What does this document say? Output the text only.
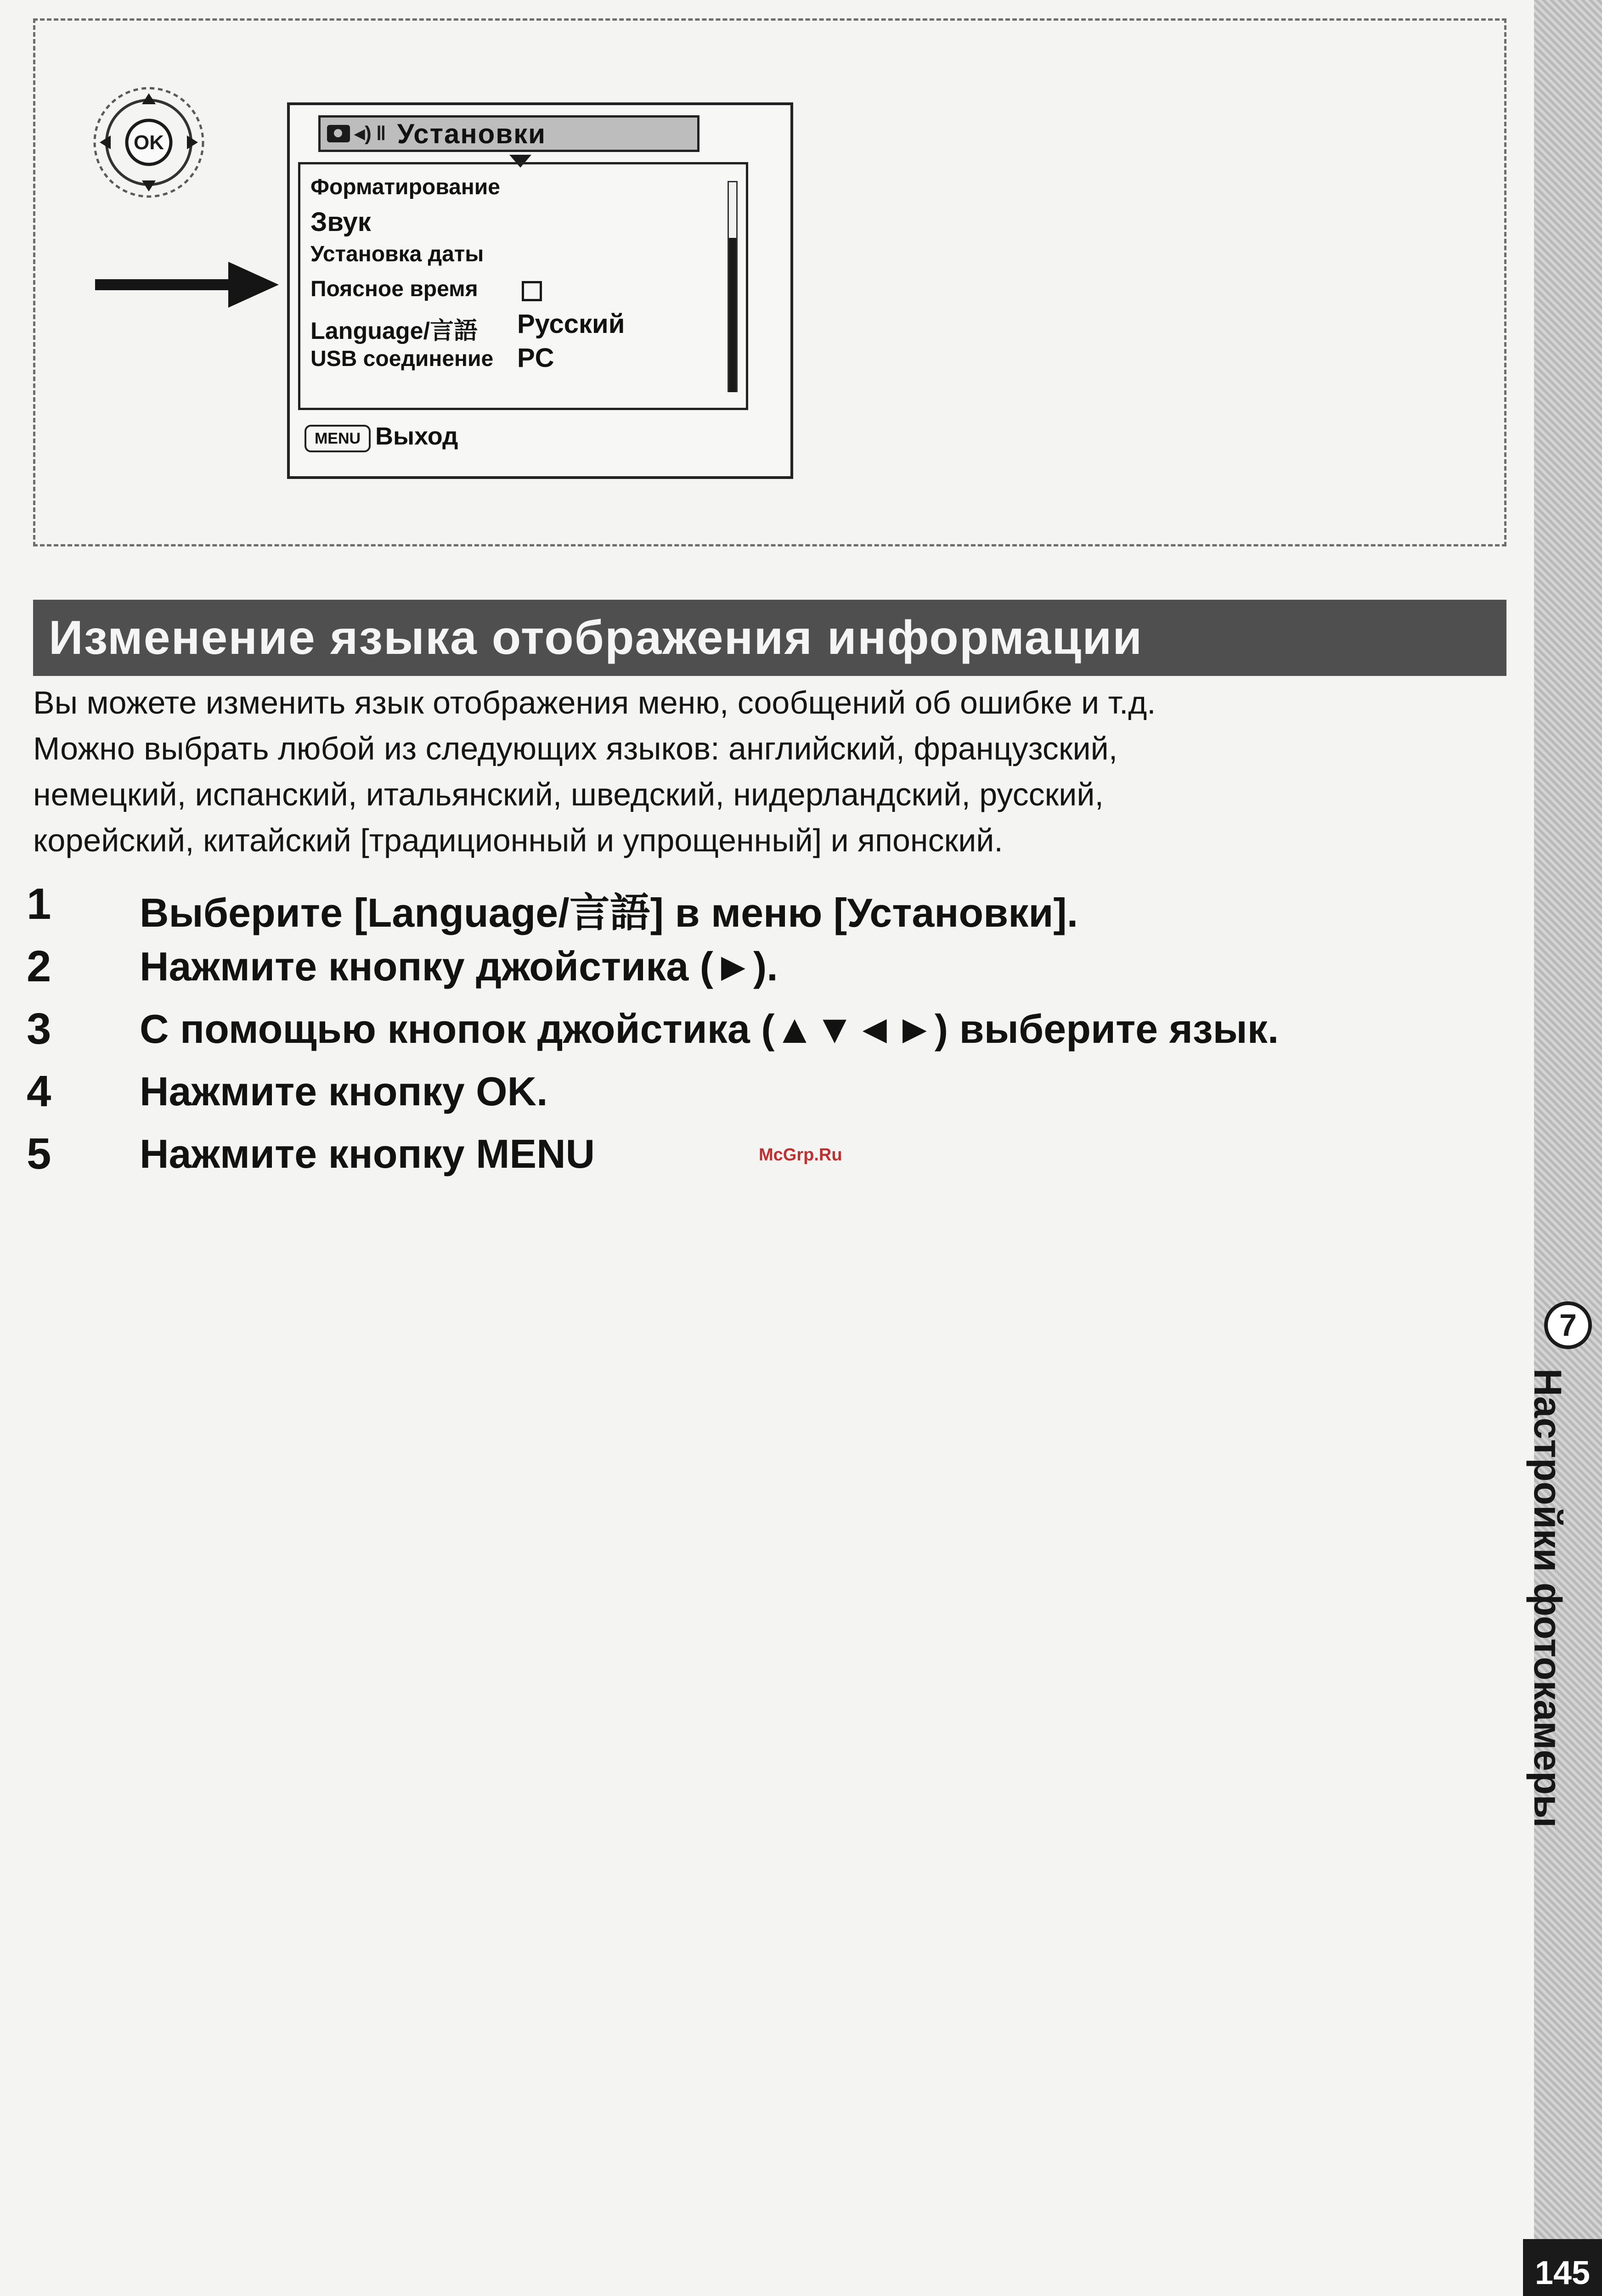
OK	◂) ‖ Установки
Форматирование
Звук
Установка даты
Поясное время
Language/言語 Русский
USB соединение PC
MENU Выход
Изменение языка отображения информации
Вы можете изменить язык отображения меню, сообщений об ошибке и т.д.
Можно выбрать любой из следующих языков: английский, французский,
немецкий, испанский, итальянский, шведский, нидерландский, русский,
корейский, китайский [традиционный и упрощенный] и японский.
1 Выберите [Language/言語] в меню [Установки].
2 Нажмите кнопку джойстика (►).
3 С помощью кнопок джойстика (▲▼◄►) выберите язык.
4 Нажмите кнопку OK.
5 Нажмите кнопку MENU	McGrp.Ru
7
Настройки фотокамеры
145
